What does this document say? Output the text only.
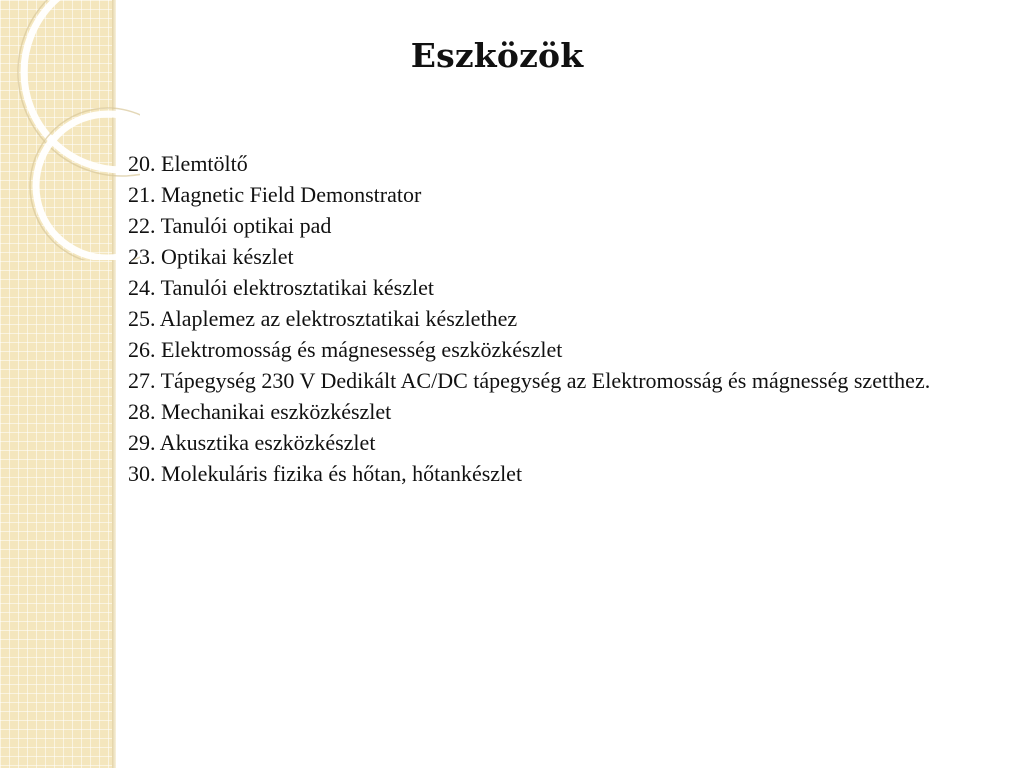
Eszközök
20. Elemtöltő
21. Magnetic Field Demonstrator
22. Tanulói optikai pad
23. Optikai készlet
24. Tanulói elektrosztatikai készlet
25. Alaplemez az elektrosztatikai készlethez
26. Elektromosság és mágnesesség eszközkészlet
27. Tápegység 230 V Dedikált AC/DC tápegység az Elektromosság és mágnesség szetthez.
28. Mechanikai eszközkészlet
29. Akusztika eszközkészlet
30. Molekuláris fizika és hőtan, hőtankészlet
